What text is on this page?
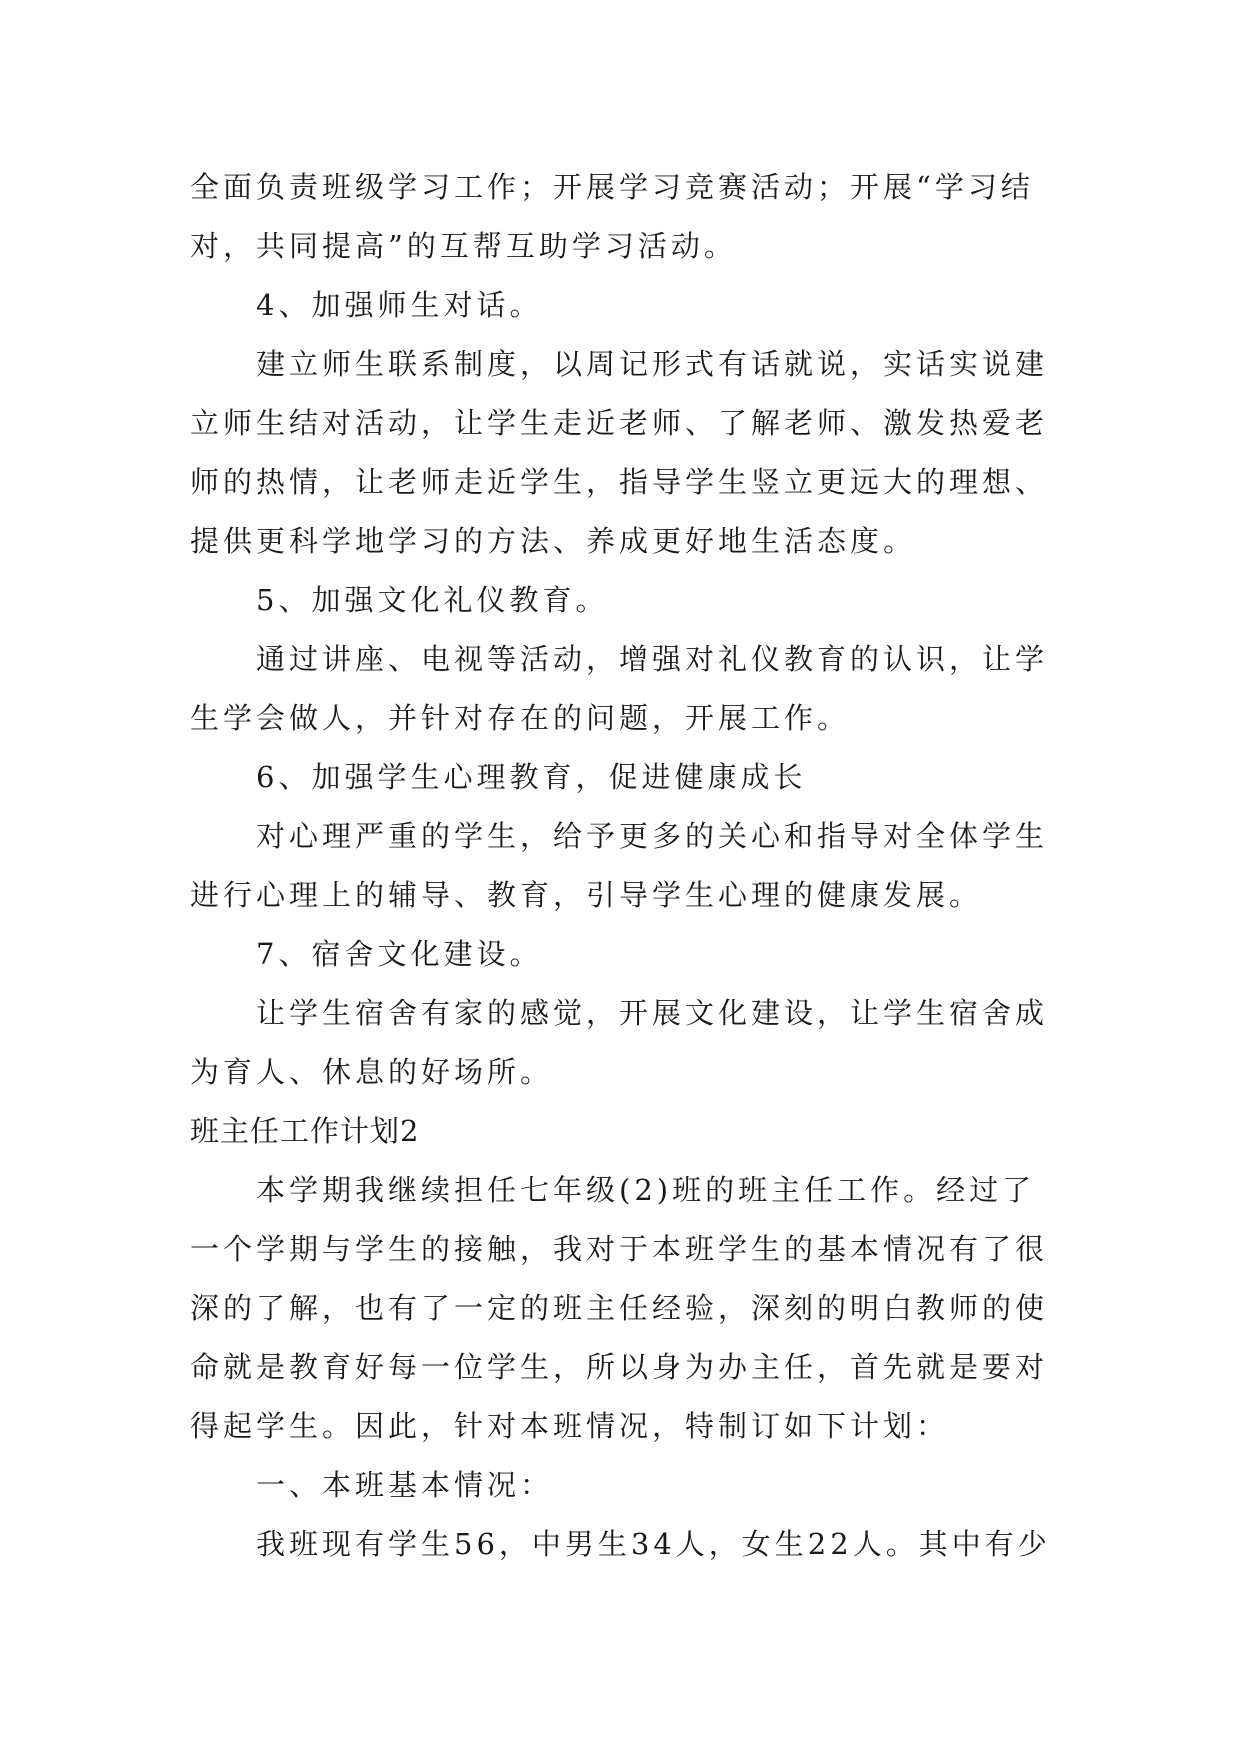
全面负责班级学习工作；开展学习竞赛活动；开展“学习结
对，共同提高”的互帮互助学习活动。
4、加强师生对话。
建立师生联系制度，以周记形式有话就说，实话实说建
立师生结对活动，让学生走近老师、了解老师、激发热爱老
师的热情，让老师走近学生，指导学生竖立更远大的理想、
提供更科学地学习的方法、养成更好地生活态度。
5、加强文化礼仪教育。
通过讲座、电视等活动，增强对礼仪教育的认识，让学
生学会做人，并针对存在的问题，开展工作。
6、加强学生心理教育，促进健康成长
对心理严重的学生，给予更多的关心和指导对全体学生
进行心理上的辅导、教育，引导学生心理的健康发展。
7、宿舍文化建设。
让学生宿舍有家的感觉，开展文化建设，让学生宿舍成
为育人、休息的好场所。
班主任工作计划2
本学期我继续担任七年级(2)班的班主任工作。经过了
一个学期与学生的接触，我对于本班学生的基本情况有了很
深的了解，也有了一定的班主任经验，深刻的明白教师的使
命就是教育好每一位学生，所以身为办主任，首先就是要对
得起学生。因此，针对本班情况，特制订如下计划：
一、本班基本情况：
我班现有学生56，中男生34人，女生22人。其中有少
